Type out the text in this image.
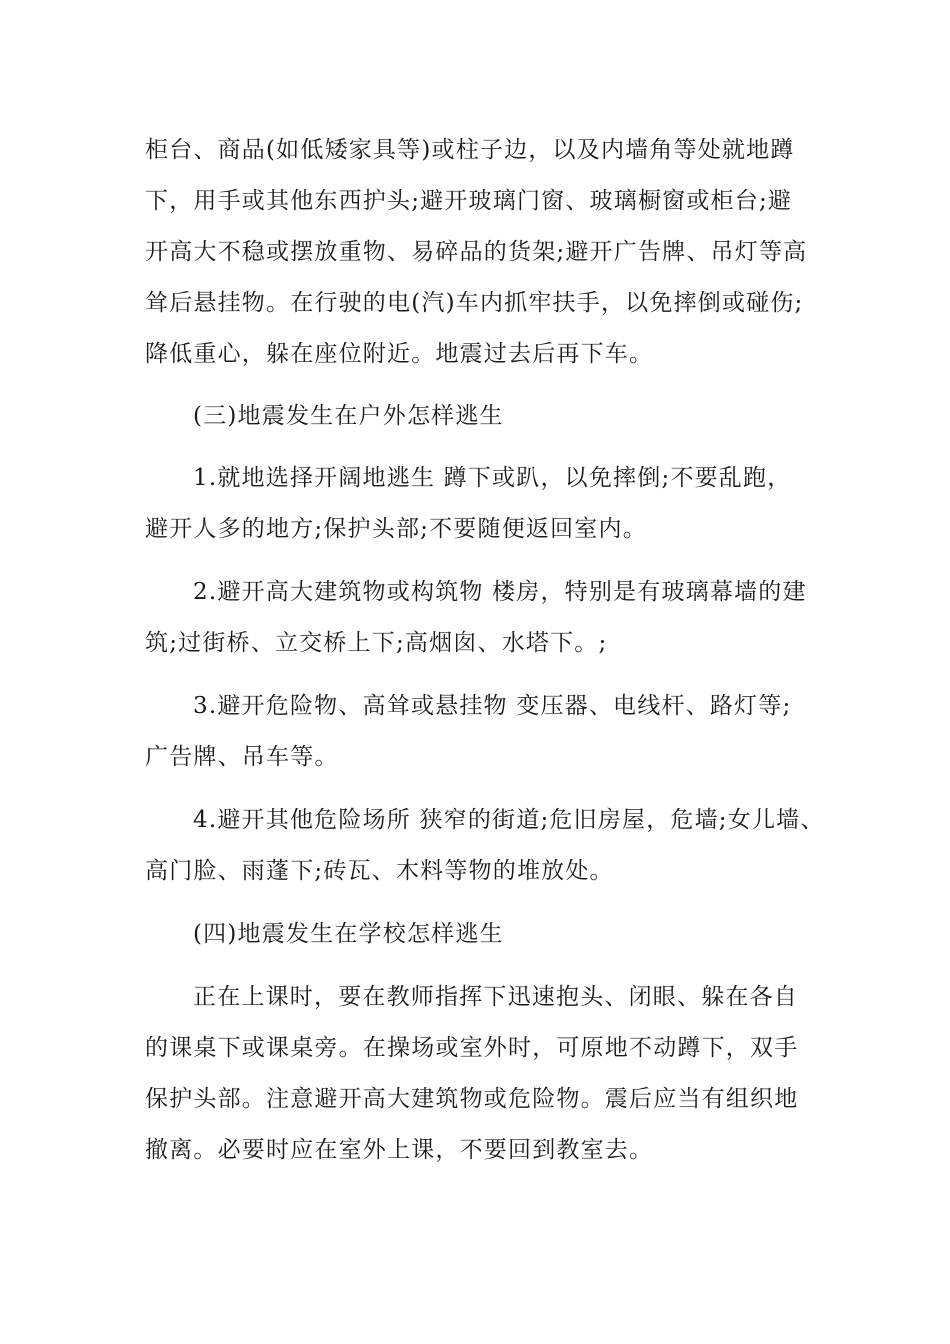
柜台、商品(如低矮家具等)或柱子边，以及内墙角等处就地蹲
下，用手或其他东西护头;避开玻璃门窗、玻璃橱窗或柜台;避
开高大不稳或摆放重物、易碎品的货架;避开广告牌、吊灯等高
耸后悬挂物。在行驶的电(汽)车内抓牢扶手，以免摔倒或碰伤;
降低重心，躲在座位附近。地震过去后再下车。
(三)地震发生在户外怎样逃生
1.就地选择开阔地逃生 蹲下或趴，以免摔倒;不要乱跑，
避开人多的地方;保护头部;不要随便返回室内。
2.避开高大建筑物或构筑物 楼房，特别是有玻璃幕墙的建
筑;过街桥、立交桥上下;高烟囱、水塔下。;
3.避开危险物、高耸或悬挂物 变压器、电线杆、路灯等;
广告牌、吊车等。
4.避开其他危险场所 狭窄的街道;危旧房屋，危墙;女儿墙、
高门脸、雨蓬下;砖瓦、木料等物的堆放处。
(四)地震发生在学校怎样逃生
正在上课时，要在教师指挥下迅速抱头、闭眼、躲在各自
的课桌下或课桌旁。在操场或室外时，可原地不动蹲下，双手
保护头部。注意避开高大建筑物或危险物。震后应当有组织地
撤离。必要时应在室外上课，不要回到教室去。
